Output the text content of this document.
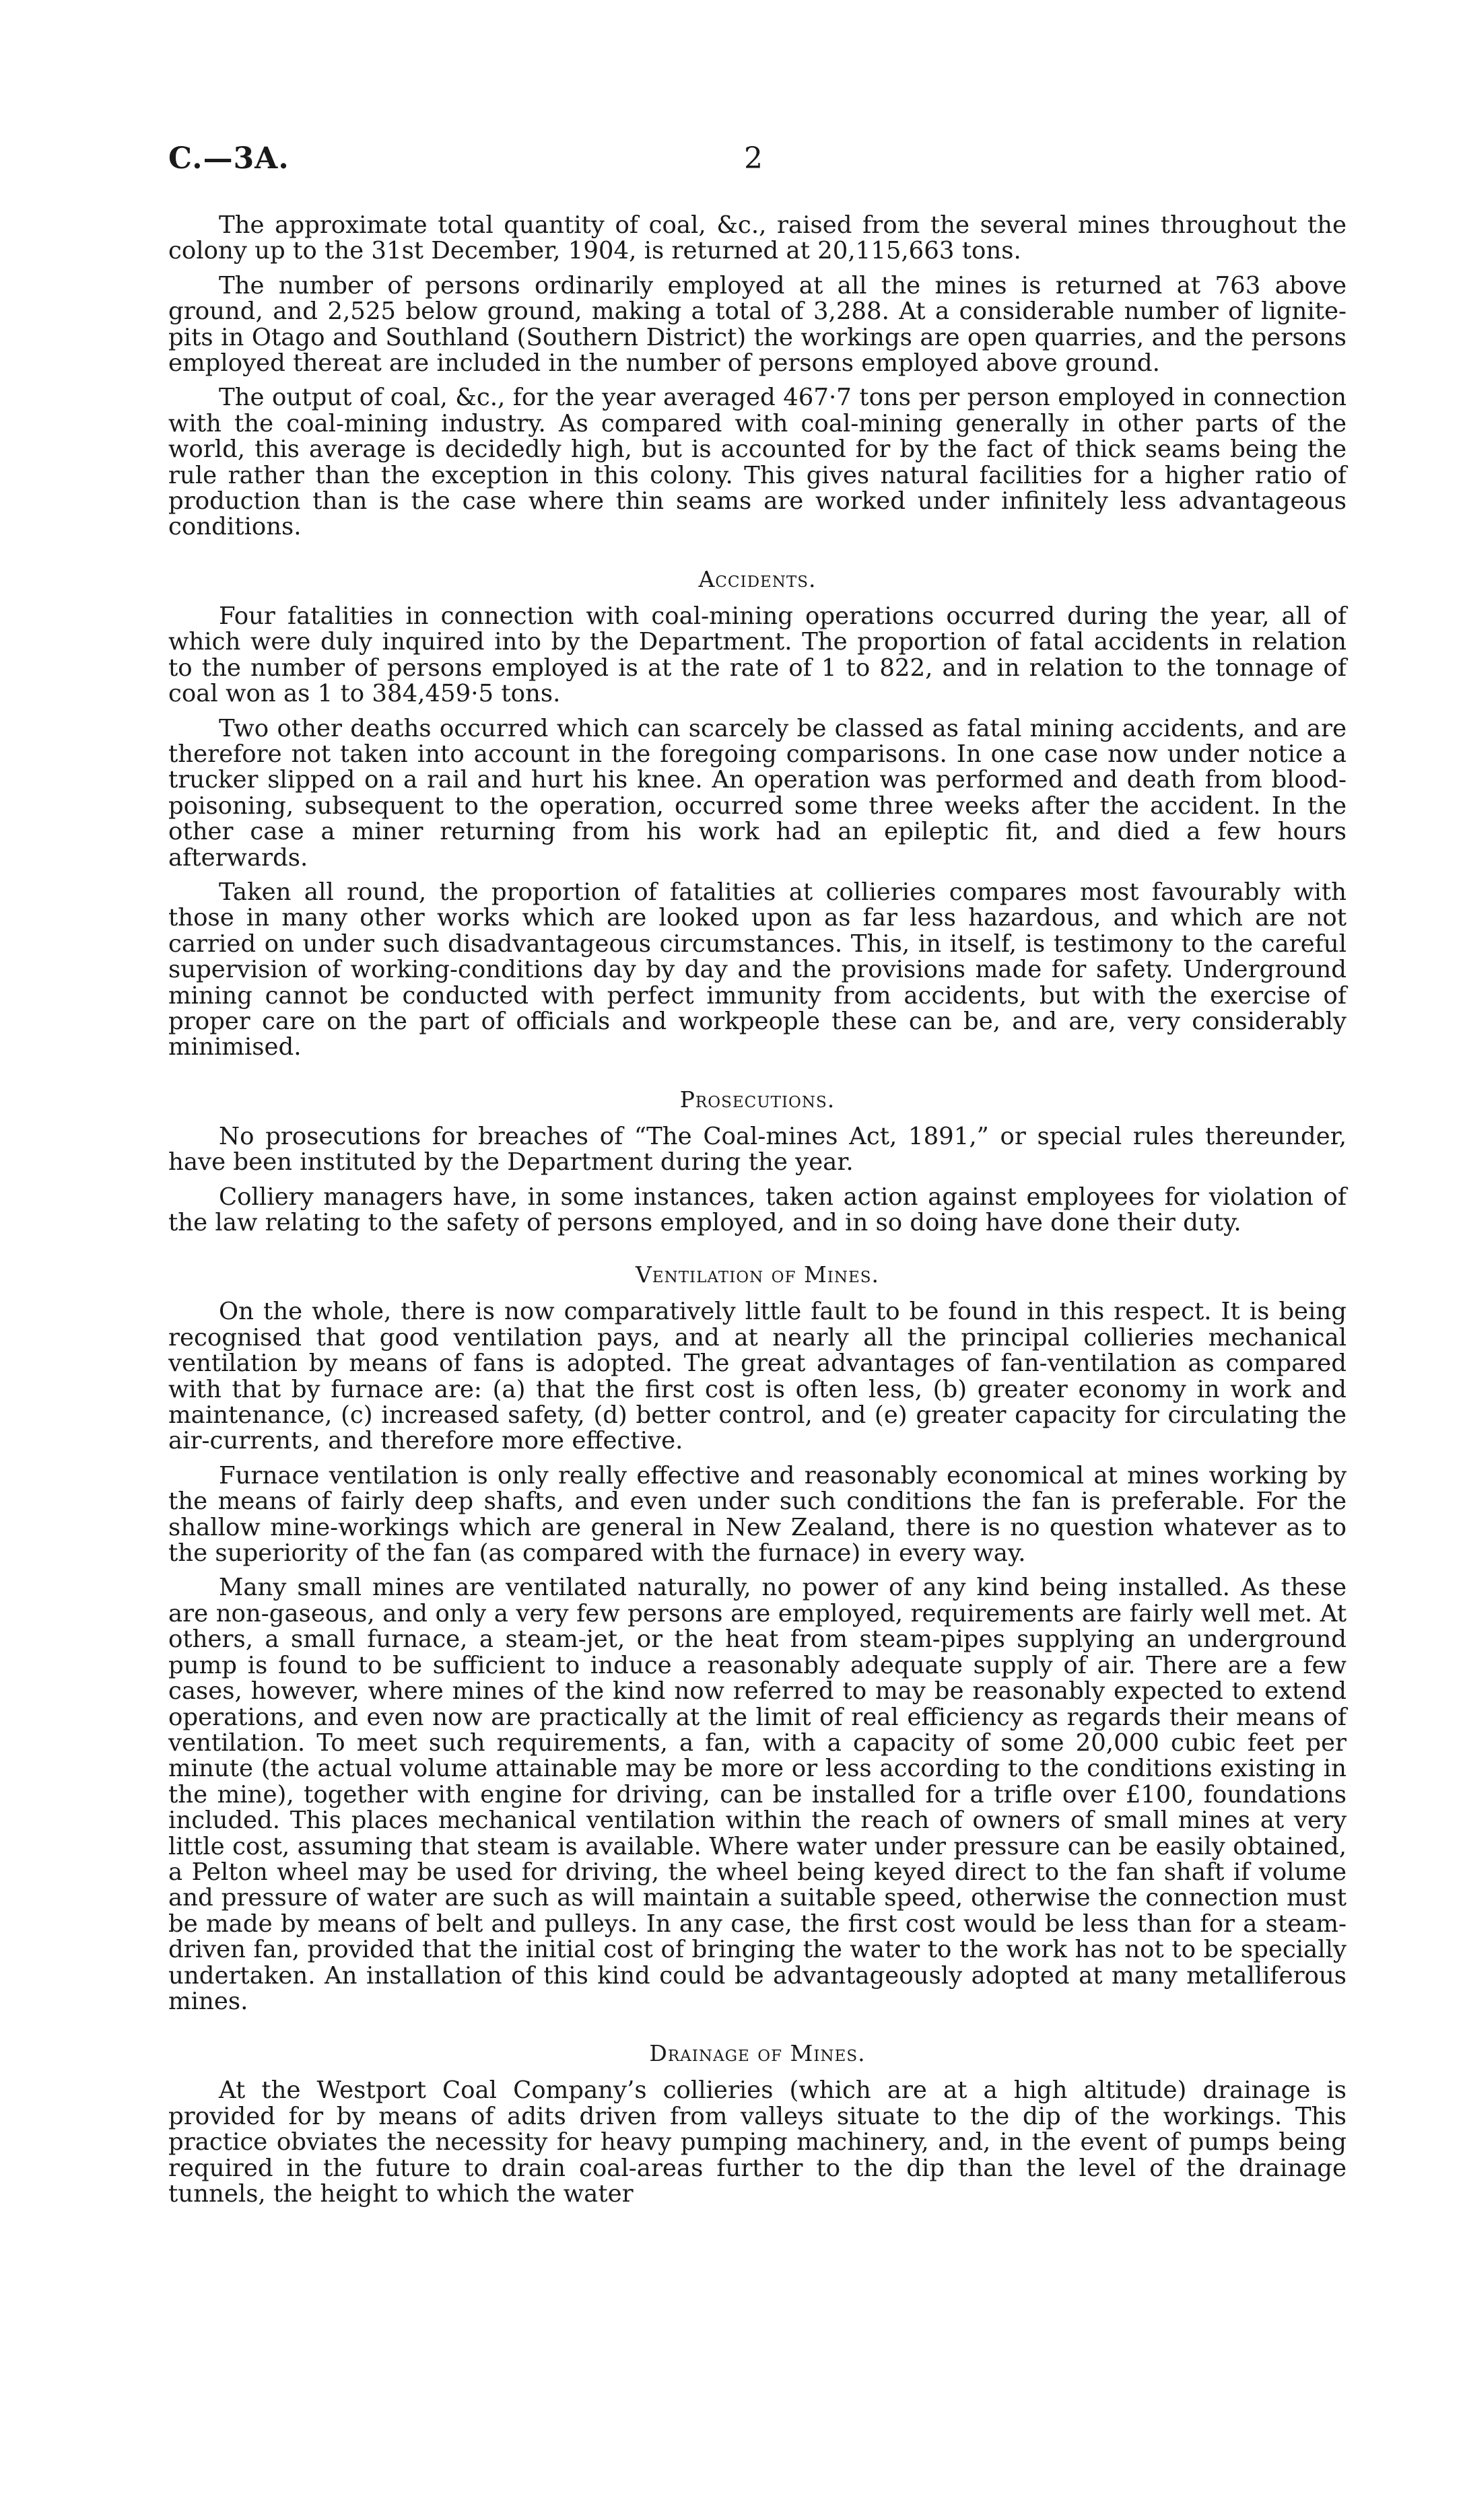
C.—3A.	2

The approximate total quantity of coal, &c., raised from the several mines throughout the colony up to the 31st December, 1904, is returned at 20,115,663 tons.

The number of persons ordinarily employed at all the mines is returned at 763 above ground, and 2,525 below ground, making a total of 3,288. At a considerable number of lignite-pits in Otago and Southland (Southern District) the workings are open quarries, and the persons employed thereat are included in the number of persons employed above ground.

The output of coal, &c., for the year averaged 467·7 tons per person employed in connection with the coal-mining industry. As compared with coal-mining generally in other parts of the world, this average is decidedly high, but is accounted for by the fact of thick seams being the rule rather than the exception in this colony. This gives natural facilities for a higher ratio of production than is the case where thin seams are worked under infinitely less advantageous conditions.

Accidents.

Four fatalities in connection with coal-mining operations occurred during the year, all of which were duly inquired into by the Department. The proportion of fatal accidents in relation to the number of persons employed is at the rate of 1 to 822, and in relation to the tonnage of coal won as 1 to 384,459·5 tons.

Two other deaths occurred which can scarcely be classed as fatal mining accidents, and are therefore not taken into account in the foregoing comparisons. In one case now under notice a trucker slipped on a rail and hurt his knee. An operation was performed and death from blood-poisoning, subsequent to the operation, occurred some three weeks after the accident. In the other case a miner returning from his work had an epileptic fit, and died a few hours afterwards.

Taken all round, the proportion of fatalities at collieries compares most favourably with those in many other works which are looked upon as far less hazardous, and which are not carried on under such disadvantageous circumstances. This, in itself, is testimony to the careful supervision of working-conditions day by day and the provisions made for safety. Underground mining cannot be conducted with perfect immunity from accidents, but with the exercise of proper care on the part of officials and workpeople these can be, and are, very considerably minimised.

Prosecutions.

No prosecutions for breaches of “The Coal-mines Act, 1891,” or special rules thereunder, have been instituted by the Department during the year.

Colliery managers have, in some instances, taken action against employees for violation of the law relating to the safety of persons employed, and in so doing have done their duty.

Ventilation of Mines.

On the whole, there is now comparatively little fault to be found in this respect. It is being recognised that good ventilation pays, and at nearly all the principal collieries mechanical ventilation by means of fans is adopted. The great advantages of fan-ventilation as compared with that by furnace are: (a) that the first cost is often less, (b) greater economy in work and maintenance, (c) increased safety, (d) better control, and (e) greater capacity for circulating the air-currents, and therefore more effective.

Furnace ventilation is only really effective and reasonably economical at mines working by the means of fairly deep shafts, and even under such conditions the fan is preferable. For the shallow mine-workings which are general in New Zealand, there is no question whatever as to the superiority of the fan (as compared with the furnace) in every way.

Many small mines are ventilated naturally, no power of any kind being installed. As these are non-gaseous, and only a very few persons are employed, requirements are fairly well met. At others, a small furnace, a steam-jet, or the heat from steam-pipes supplying an underground pump is found to be sufficient to induce a reasonably adequate supply of air. There are a few cases, however, where mines of the kind now referred to may be reasonably expected to extend operations, and even now are practically at the limit of real efficiency as regards their means of ventilation. To meet such requirements, a fan, with a capacity of some 20,000 cubic feet per minute (the actual volume attainable may be more or less according to the conditions existing in the mine), together with engine for driving, can be installed for a trifle over £100, foundations included. This places mechanical ventilation within the reach of owners of small mines at very little cost, assuming that steam is available. Where water under pressure can be easily obtained, a Pelton wheel may be used for driving, the wheel being keyed direct to the fan shaft if volume and pressure of water are such as will maintain a suitable speed, otherwise the connection must be made by means of belt and pulleys. In any case, the first cost would be less than for a steam-driven fan, provided that the initial cost of bringing the water to the work has not to be specially undertaken. An installation of this kind could be advantageously adopted at many metalliferous mines.

Drainage of Mines.

At the Westport Coal Company’s collieries (which are at a high altitude) drainage is provided for by means of adits driven from valleys situate to the dip of the workings. This practice obviates the necessity for heavy pumping machinery, and, in the event of pumps being required in the future to drain coal-areas further to the dip than the level of the drainage tunnels, the height to which the water
